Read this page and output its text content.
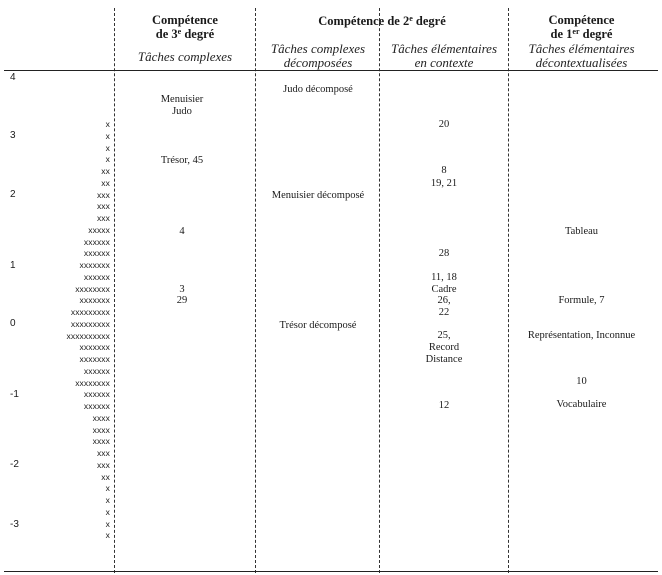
Compétence
de 3e degré
Tâches complexes
Compétence de 2e degré
Tâches complexes
décomposées
Tâches élémentaires
en contexte
Compétence
de 1er degré
Tâches élémentaires
décontextualisées
4
3
2
1
0
-1
-2
-3
x
x
x
x
xx
xx
xxx
xxx
xxx
xxxxx
xxxxxx
xxxxxx
xxxxxxx
xxxxxx
xxxxxxxx
xxxxxxx
xxxxxxxxx
xxxxxxxxx
xxxxxxxxxx
xxxxxxx
xxxxxxx
xxxxxx
xxxxxxxx
xxxxxx
xxxxxx
xxxx
xxxx
xxxx
xxx
xxx
xx
x
x
x
x
x
Menuisier
Judo
Trésor, 45
4
3
29
Judo décomposé
Menuisier décomposé
Trésor décomposé
20
8
19, 21
28
11, 18
Cadre
26,
22
25,
Record
Distance
12
Tableau
Formule, 7
Représentation, Inconnue
10
Vocabulaire
